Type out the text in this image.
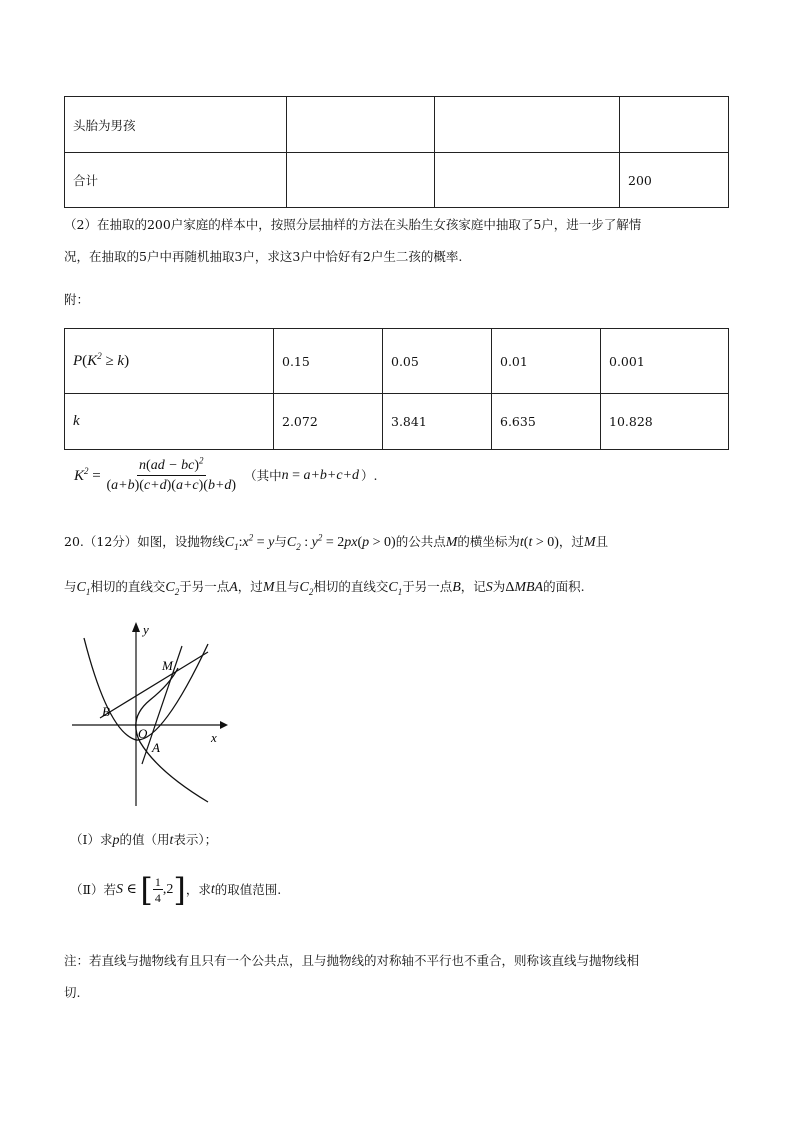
头胎为男孩			
合计			200
（2）在抽取的200户家庭的样本中，按照分层抽样的方法在头胎生女孩家庭中抽取了5户，进一步了解情
况，在抽取的5户中再随机抽取3户，求这3户中恰好有2户生二孩的概率.
附：
$P(K^2 \ge k)$	0.15	0.05	0.01	0.001
k	2.072	3.841	6.635	10.828
$K^2 = \frac{n(ad - bc)^2}{(a+b)(c+d)(a+c)(b+d)}$ （其中 n = a+b+c+d ）.
20.（12分）如图，设抛物线 $C_1:x^2 = y$ 与 $C_2$ : $y^2 = 2px(p > 0)$ 的公共点 M 的横坐标为 t(t > 0) ，过 M 且
与 $C_1$ 相切的直线交 $C_2$ 于另一点 A ，过 M 且与 $C_2$ 相切的直线交 $C_1$ 于另一点 B ，记 S 为 ΔMBA 的面积.
y
x
O
M
B
A
（Ⅰ）求 p 的值（用 t 表示）；
（Ⅱ）若 S ∈ [ $\frac{1}{4} ,2$ ] ，求 t 的取值范围.
注：若直线与抛物线有且只有一个公共点，且与抛物线的对称轴不平行也不重合，则称该直线与抛物线相
切.
